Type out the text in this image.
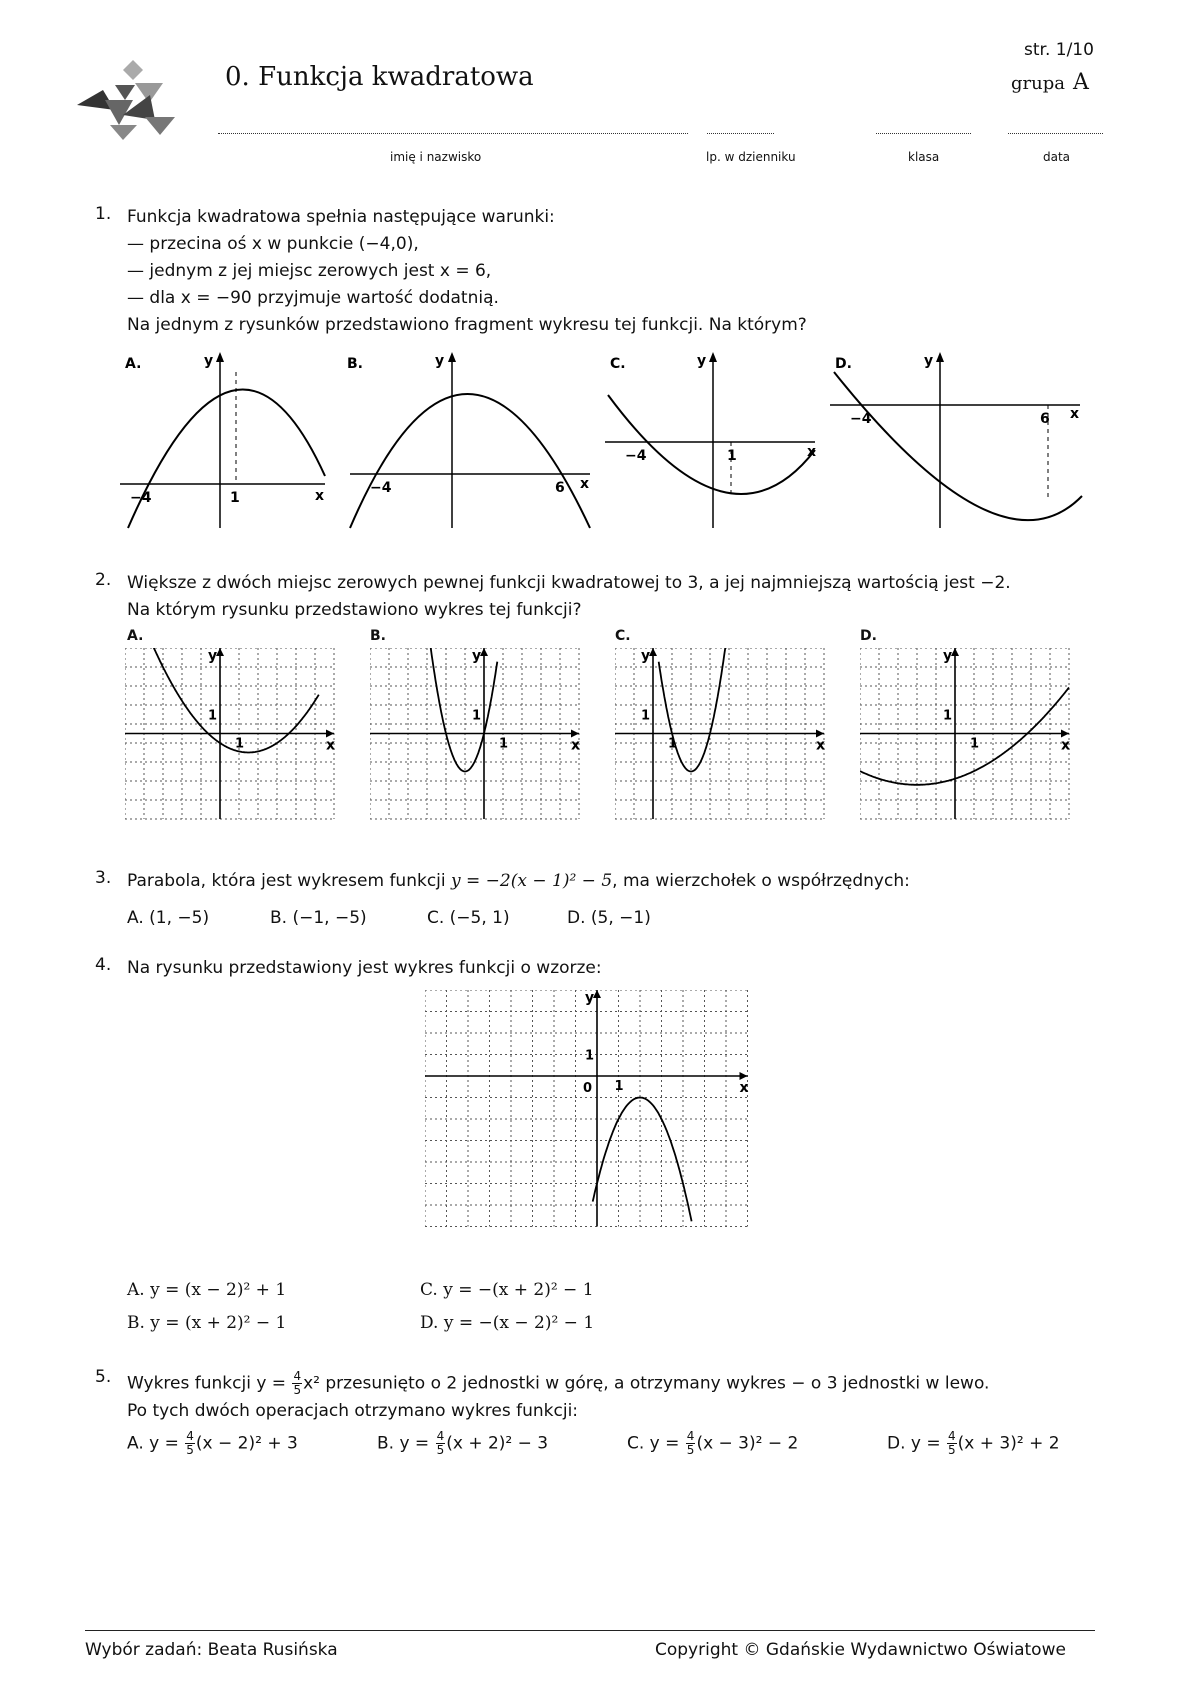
0. Funkcja kwadratowa
str. 1/10
grupa A
imię i nazwisko	lp. w dzienniku	klasa	data
1. Funkcja kwadratowa spełnia następujące warunki:
— przecina oś x w punkcie (−4,0),
— jednym z jej miejsc zerowych jest x = 6,
— dla x = −90 przyjmuje wartość dodatnią.
Na jednym z rysunków przedstawiono fragment wykresu tej funkcji. Na którym?
A.	y
x
−4	1
B.	y
x
−4	6
C.	y
x
−4	1
D.	y
x
−4	6
2. Większe z dwóch miejsc zerowych pewnej funkcji kwadratowej to 3, a jej najmniejszą wartością jest −2.
Na którym rysunku przedstawiono wykres tej funkcji?
A.	B.	C.	D.
y
x
1
1
y
x
1
1
y
x
1
1
y
x
1
1
3. Parabola, która jest wykresem funkcji y = −2(x − 1)² − 5, ma wierzchołek o współrzędnych:
A. (1, −5)	B. (−1, −5)	C. (−5, 1)	D. (5, −1)
4. Na rysunku przedstawiony jest wykres funkcji o wzorze:
y
x
1
1
0
A. y = (x − 2)² + 1	C. y = −(x + 2)² − 1
B. y = (x + 2)² − 1	D. y = −(x − 2)² − 1
5. Wykres funkcji $y = \frac{4}{5} x^2$ przesunięto o 2 jednostki w górę, a otrzymany wykres − o 3 jednostki w lewo.
Po tych dwóch operacjach otrzymano wykres funkcji:
A. $y = \frac{4}{5} (x - 2)^2 + 3$	B. $y = \frac{4}{5} (x + 2)^2 - 3$	C. $y = \frac{4}{5} (x - 3)^2 - 2$	D. $y = \frac{4}{5} (x + 3)^2 + 2$
Wybór zadań: Beata Rusińska	Copyright © Gdańskie Wydawnictwo Oświatowe
